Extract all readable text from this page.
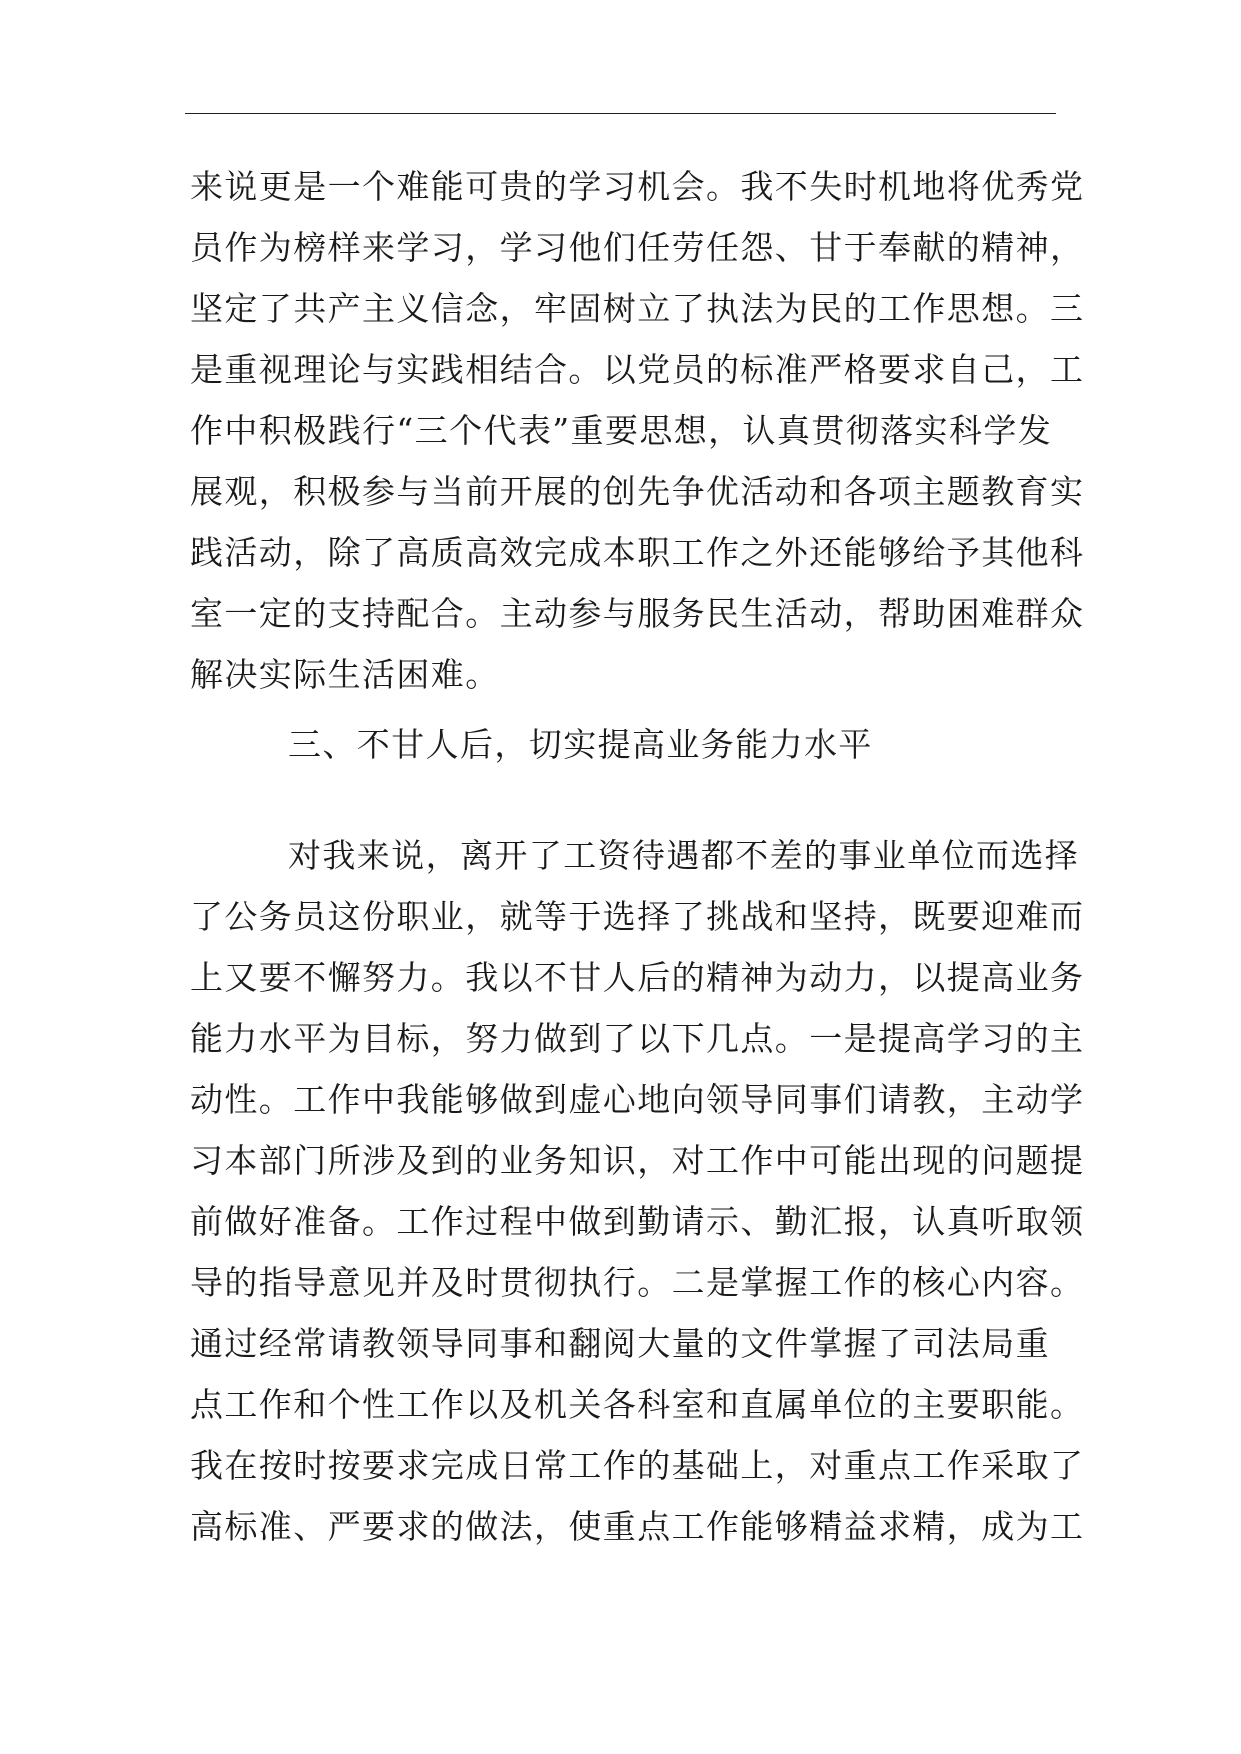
来说更是一个难能可贵的学习机会。我不失时机地将优秀党
员作为榜样来学习，学习他们任劳任怨、甘于奉献的精神，
坚定了共产主义信念，牢固树立了执法为民的工作思想。三
是重视理论与实践相结合。以党员的标准严格要求自己，工
作中积极践行“三个代表”重要思想，认真贯彻落实科学发
展观，积极参与当前开展的创先争优活动和各项主题教育实
践活动，除了高质高效完成本职工作之外还能够给予其他科
室一定的支持配合。主动参与服务民生活动，帮助困难群众
解决实际生活困难。
三、不甘人后，切实提高业务能力水平
对我来说，离开了工资待遇都不差的事业单位而选择
了公务员这份职业，就等于选择了挑战和坚持，既要迎难而
上又要不懈努力。我以不甘人后的精神为动力，以提高业务
能力水平为目标，努力做到了以下几点。一是提高学习的主
动性。工作中我能够做到虚心地向领导同事们请教，主动学
习本部门所涉及到的业务知识，对工作中可能出现的问题提
前做好准备。工作过程中做到勤请示、勤汇报，认真听取领
导的指导意见并及时贯彻执行。二是掌握工作的核心内容。
通过经常请教领导同事和翻阅大量的文件掌握了司法局重
点工作和个性工作以及机关各科室和直属单位的主要职能。
我在按时按要求完成日常工作的基础上，对重点工作采取了
高标准、严要求的做法，使重点工作能够精益求精，成为工
